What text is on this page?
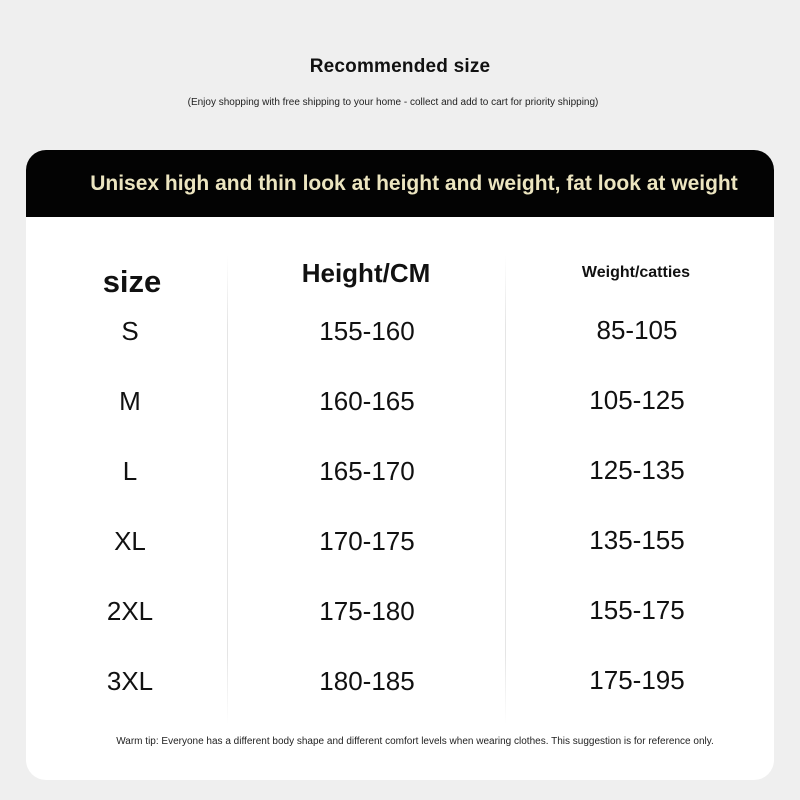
Recommended size
(Enjoy shopping with free shipping to your home - collect and add to cart for priority shipping)
Unisex high and thin look at height and weight, fat look at weight
size	Height/CM	Weight/catties
S	155-160	85-105
M	160-165	105-125
L	165-170	125-135
XL	170-175	135-155
2XL	175-180	155-175
3XL	180-185	175-195
Warm tip: Everyone has a different body shape and different comfort levels when wearing clothes. This suggestion is for reference only.
